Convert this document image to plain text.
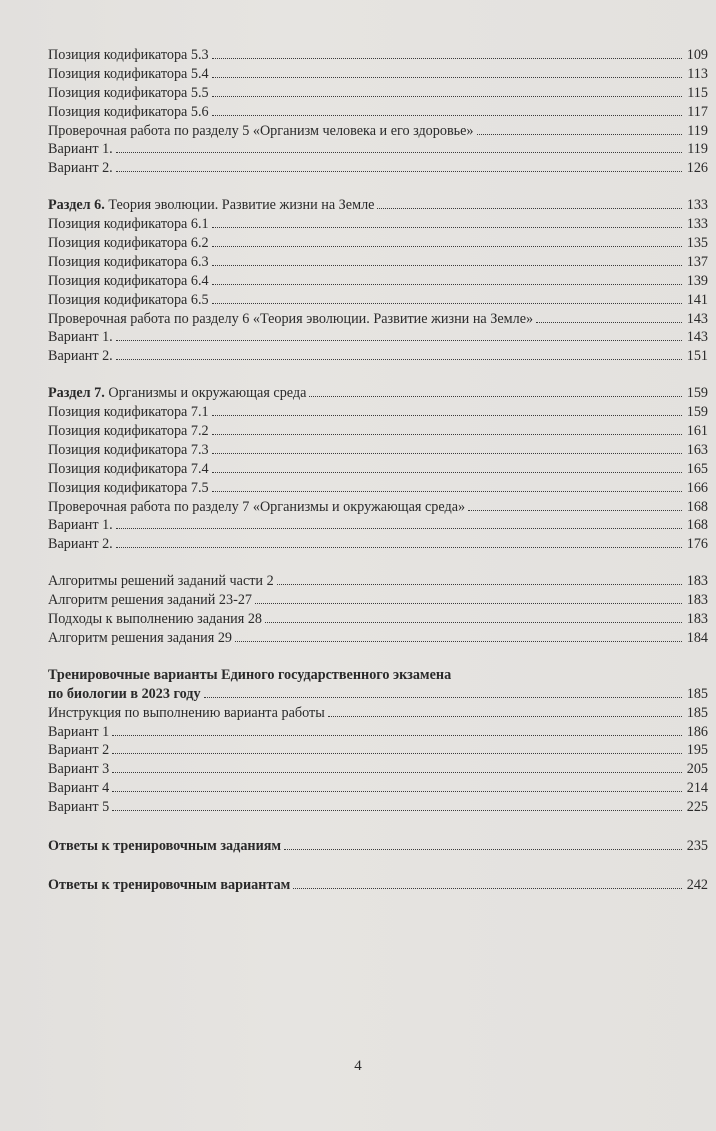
Позиция кодификатора 5.3	109
Позиция кодификатора 5.4	113
Позиция кодификатора 5.5	115
Позиция кодификатора 5.6	117
Проверочная работа по разделу 5 «Организм человека и его здоровье»	119
Вариант 1.	119
Вариант 2.	126
Раздел 6. Теория эволюции. Развитие жизни на Земле	133
Позиция кодификатора 6.1	133
Позиция кодификатора 6.2	135
Позиция кодификатора 6.3	137
Позиция кодификатора 6.4	139
Позиция кодификатора 6.5	141
Проверочная работа по разделу 6 «Теория эволюции. Развитие жизни на Земле»	143
Вариант 1.	143
Вариант 2.	151
Раздел 7. Организмы и окружающая среда	159
Позиция кодификатора 7.1	159
Позиция кодификатора 7.2	161
Позиция кодификатора 7.3	163
Позиция кодификатора 7.4	165
Позиция кодификатора 7.5	166
Проверочная работа по разделу 7 «Организмы и окружающая среда»	168
Вариант 1.	168
Вариант 2.	176
Алгоритмы решений заданий части 2	183
Алгоритм решения заданий 23-27	183
Подходы к выполнению задания 28	183
Алгоритм решения задания 29	184
Тренировочные варианты Единого государственного экзамена
по биологии в 2023 году	185
Инструкция по выполнению варианта работы	185
Вариант 1	186
Вариант 2	195
Вариант 3	205
Вариант 4	214
Вариант 5	225
Ответы к тренировочным заданиям	235
Ответы к тренировочным вариантам	242
4
